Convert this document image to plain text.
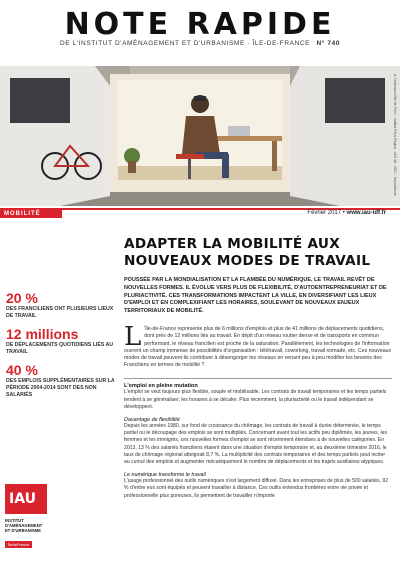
NOTE RAPIDE
DE L'INSTITUT D'AMÉNAGEMENT ET D'URBANISME · ÎLE-DE-FRANCE N° 740
A. Delamare/Ville de Paris - Institut Paris Region - IAU idf - 2017 - Nomadisme
MOBILITÉ	Février 2017 • www.iau-idf.fr
20 %
DES FRANCILIENS ONT PLUSIEURS LIEUX DE TRAVAIL
12 millions
DE DÉPLACEMENTS QUOTIDIENS LIÉS AU TRAVAIL
40 %
DES EMPLOIS SUPPLÉMENTAIRES SUR LA PÉRIODE 2004-2014 SONT DES NON SALARIÉS
IAU
INSTITUT
D'AMÉNAGEMENT
ET D'URBANISME
ÎledeFrance
ADAPTER LA MOBILITÉ AUX
NOUVEAUX MODES DE TRAVAIL
POUSSÉE PAR LA MONDIALISATION ET LA FLAMBÉE DU NUMÉRIQUE, LE TRAVAIL REVÊT DE NOUVELLES FORMES. IL ÉVOLUE VERS PLUS DE FLEXIBILITÉ, D'AUTOENTREPRENEURIAT ET DE PLURIACTIVITÉ. CES TRANSFORMATIONS IMPACTENT LA VILLE, EN DIVERSIFIANT LES LIEUX D'EMPLOI ET EN COMPLEXIFIANT LES HORAIRES, SOULEVANT DE NOUVEAUX ENJEUX TERRITORIAUX DE MOBILITÉ.
L 'Île-de-France représente plus de 6 millions d'emplois et plus de 41 millions de déplacements quotidiens, dont près de 12 millions liés au travail. En dépit d'un réseau routier dense et de transports en commun performant, le réseau francilien est proche de la saturation. Parallèlement, les technologies de l'information ouvrent un champ immense de possibilités d'organisation : télétravail, coworking, travail nomade, etc. Ces nouveaux modes de travail peuvent-ils contribuer à désengorger les réseaux en venant peu à peu modifier les besoins des Franciliens en termes de mobilité ?
L'emploi en pleine mutation
L'emploi se veut toujours plus flexible, souple et mobilisable. Les contrats de travail temporaires et les temps partiels tendent à se généraliser, les horaires à se décaler. Plus récemment, la pluriactivité ou le travail indépendant se développent.
Davantage de flexibilité
Depuis les années 1980, sur fond de croissance du chômage, les contrats de travail à durée déterminée, le temps partiel ou le découpage des emplois se sont multipliés. Concernant avant tout les actifs peu diplômés, les jeunes, les femmes et les immigrés, ces nouvelles formes d'emploi se sont récemment étendues à de nouvelles catégories. En 2013, 13 % des salariés franciliens étaient dans une situation d'emploi temporaire et, au deuxième trimestre 2016, le taux de chômage régional atteignait 8,7 %. La multiplicité des contrats temporaires et des temps partiels peut inciter au cumul des emplois et augmenter mécaniquement le nombre de déplacements et les trajets auxiliaires atypiques.
Le numérique transforme le travail
L'usage professionnel des outils numériques s'est largement diffusé. Dans les entreprises de plus de 500 salariés, 92 % d'entre eux sont équipés et peuvent travailler à distance. Ces outils entendus frontières entre vie privée et professionnelle plus poreuses, ils permettent de travailler n'importe
